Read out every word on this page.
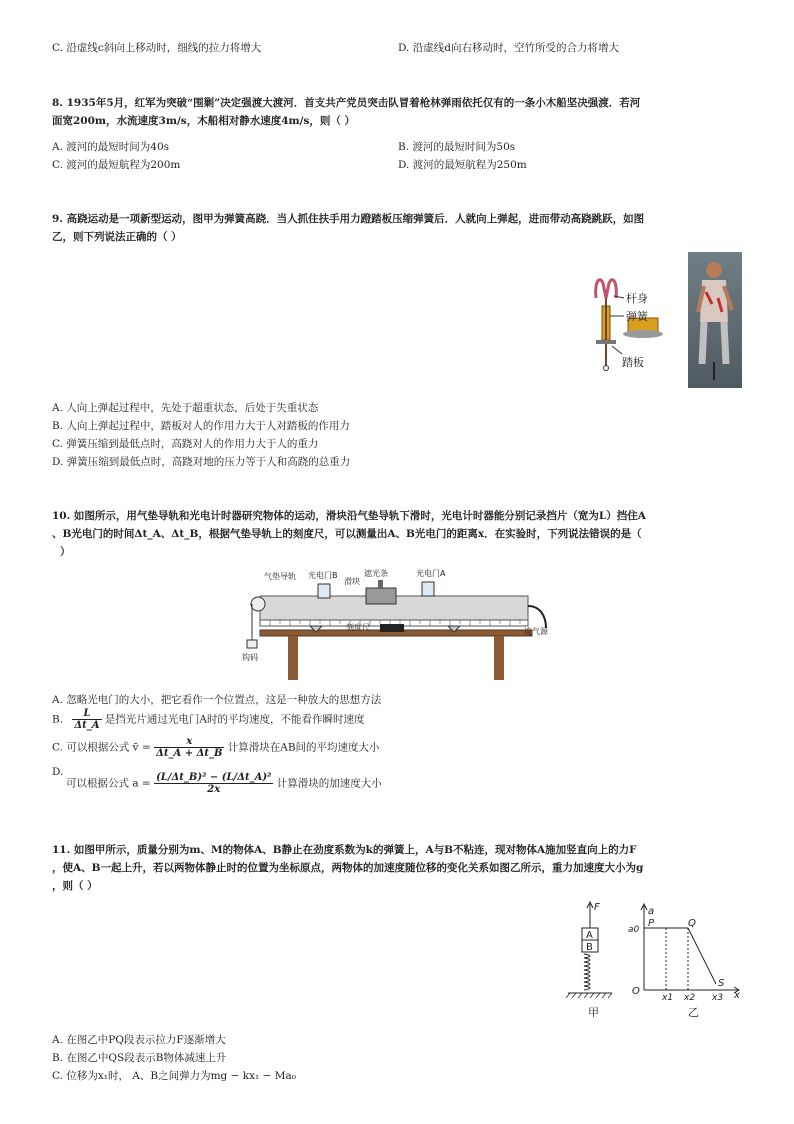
C. 沿虚线c斜向上移动时，细线的拉力将增大	D. 沿虚线d向右移动时，空竹所受的合力将增大
8. 1935年5月，红军为突破“围剿”决定强渡大渡河．首支共产党员突击队冒着枪林弹雨依托仅有的一条小木船坚决强渡．若河
面宽200m，水流速度3m/s，木船相对静水速度4m/s，则（ ）
A. 渡河的最短时间为40s	B. 渡河的最短时间为50s
C. 渡河的最短航程为200m	D. 渡河的最短航程为250m
9. 高跷运动是一项新型运动，图甲为弹簧高跷．当人抓住扶手用力蹬踏板压缩弹簧后．人就向上弹起，进而带动高跷跳跃，如图
乙，则下列说法正确的（ ）
杆身
弹簧
踏板
A. 人向上弹起过程中，先处于超重状态，后处于失重状态
B. 人向上弹起过程中，踏板对人的作用力大于人对踏板的作用力
C. 弹簧压缩到最低点时，高跷对人的作用力大于人的重力
D. 弹簧压缩到最低点时，高跷对地的压力等于人和高跷的总重力
10. 如图所示，用气垫导轨和光电计时器研究物体的运动，滑块沿气垫导轨下滑时，光电计时器能分别记录挡片（宽为L）挡住A
、B光电门的时间Δt_A、Δt_B，根据气垫导轨上的刻度尺，可以测量出A、B光电门的距离x．在实验时，下列说法错误的是（
）
气垫导轨 光电门B
滑块
遮光条	光电门A
刻度尺	连气源
钩码
A. 忽略光电门的大小，把它看作一个位置点，这是一种放大的思想方法
B. $\frac{L}{\Delta t\_A}$ 是挡光片通过光电门A时的平均速度，不能看作瞬时速度
C. 可以根据公式 v̄ = $\frac{x}{\Delta t\_A + \Delta t\_B}$ 计算滑块在AB间的平均速度大小
D.
可以根据公式 $a = \frac{\text{(L/Δt\_B)² − (L/Δt\_A)²}}{2x}$ 计算滑块的加速度大小
11. 如图甲所示，质量分别为m、M的物体A、B静止在劲度系数为k的弹簧上，A与B不粘连，现对物体A施加竖直向上的力F
，使A、B一起上升，若以两物体静止时的位置为坐标原点，两物体的加速度随位移的变化关系如图乙所示，重力加速度大小为g
，则（ ）
F
A
B
甲
a
P	Q
a0
O
x1 x2 x3
S
x
乙
A. 在图乙中PQ段表示拉力F逐渐增大
B. 在图乙中QS段表示B物体减速上升
C. 位移为x₁时， A、B之间弹力为mg − kx₁ − Ma₀
